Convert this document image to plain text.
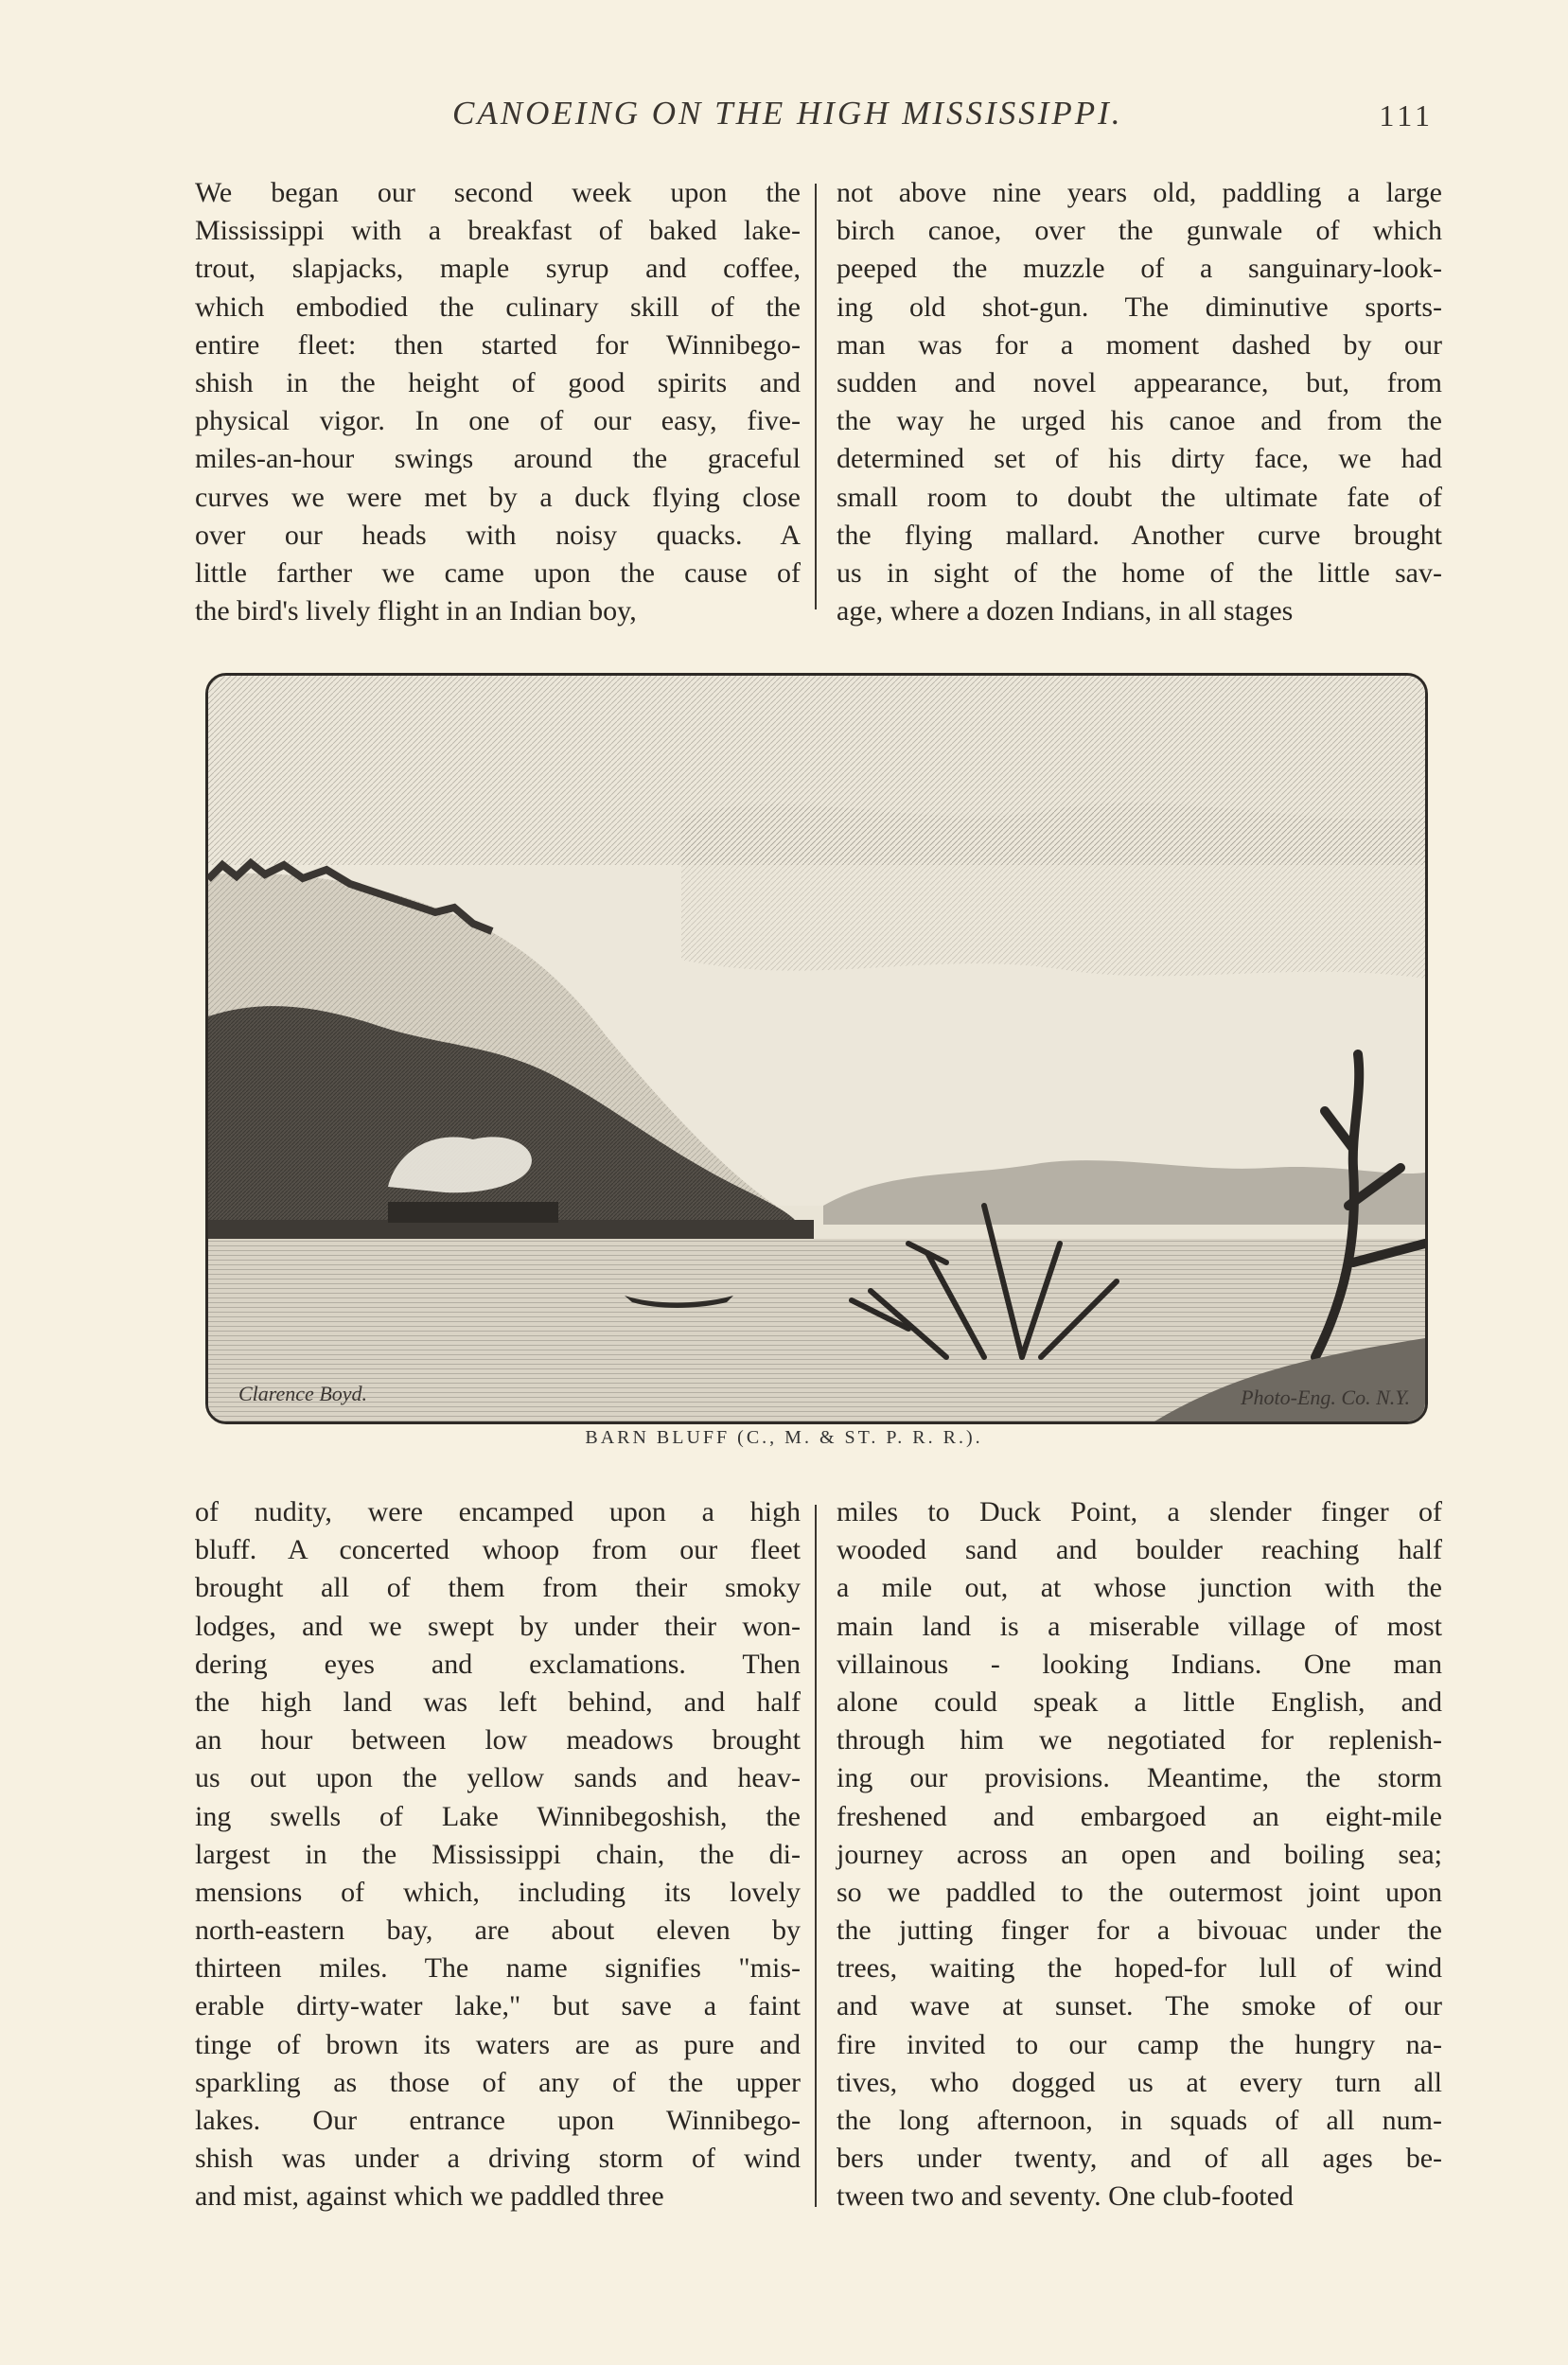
CANOEING ON THE HIGH MISSISSIPPI.	111
We began our second week upon the
Mississippi with a breakfast of baked lake-
trout, slapjacks, maple syrup and coffee,
which embodied the culinary skill of the
entire fleet: then started for Winnibego-
shish in the height of good spirits and
physical vigor. In one of our easy, five-
miles-an-hour swings around the graceful
curves we were met by a duck flying close
over our heads with noisy quacks. A
little farther we came upon the cause of
the bird's lively flight in an Indian boy,
not above nine years old, paddling a large
birch canoe, over the gunwale of which
peeped the muzzle of a sanguinary-look-
ing old shot-gun. The diminutive sports-
man was for a moment dashed by our
sudden and novel appearance, but, from
the way he urged his canoe and from the
determined set of his dirty face, we had
small room to doubt the ultimate fate of
the flying mallard. Another curve brought
us in sight of the home of the little sav-
age, where a dozen Indians, in all stages
Clarence Boyd.	Photo-Eng. Co. N.Y.
BARN BLUFF (C., M. & ST. P. R. R.).
of nudity, were encamped upon a high
bluff. A concerted whoop from our fleet
brought all of them from their smoky
lodges, and we swept by under their won-
dering eyes and exclamations. Then
the high land was left behind, and half
an hour between low meadows brought
us out upon the yellow sands and heav-
ing swells of Lake Winnibegoshish, the
largest in the Mississippi chain, the di-
mensions of which, including its lovely
north-eastern bay, are about eleven by
thirteen miles. The name signifies "mis-
erable dirty-water lake," but save a faint
tinge of brown its waters are as pure and
sparkling as those of any of the upper
lakes. Our entrance upon Winnibego-
shish was under a driving storm of wind
and mist, against which we paddled three
miles to Duck Point, a slender finger of
wooded sand and boulder reaching half
a mile out, at whose junction with the
main land is a miserable village of most
villainous - looking Indians. One man
alone could speak a little English, and
through him we negotiated for replenish-
ing our provisions. Meantime, the storm
freshened and embargoed an eight-mile
journey across an open and boiling sea;
so we paddled to the outermost joint upon
the jutting finger for a bivouac under the
trees, waiting the hoped-for lull of wind
and wave at sunset. The smoke of our
fire invited to our camp the hungry na-
tives, who dogged us at every turn all
the long afternoon, in squads of all num-
bers under twenty, and of all ages be-
tween two and seventy. One club-footed
